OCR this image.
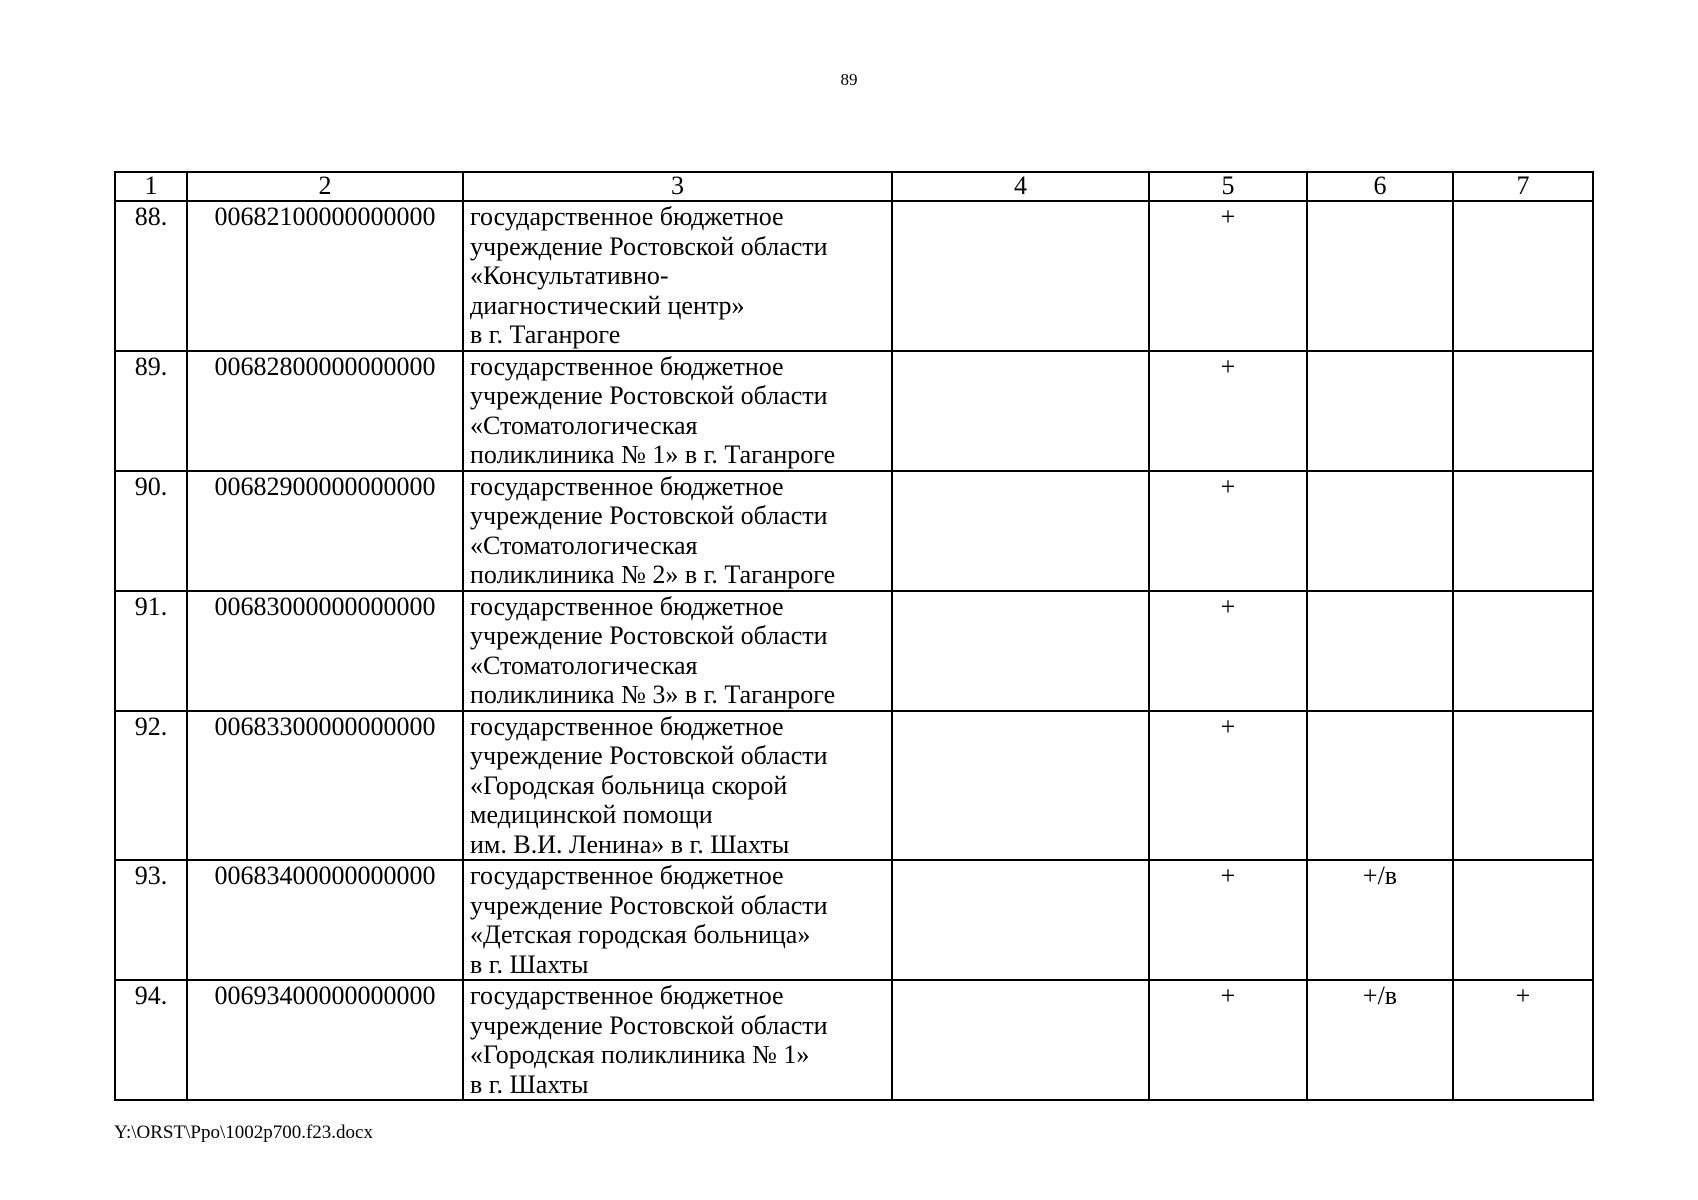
89
1	2	3	4	5	6	7
88.	00682100000000000	государственное бюджетное
учреждение Ростовской области
«Консультативно-
диагностический центр»
в г. Таганроге		+		
89.	00682800000000000	государственное бюджетное
учреждение Ростовской области
«Стоматологическая
поликлиника № 1» в г. Таганроге		+		
90.	00682900000000000	государственное бюджетное
учреждение Ростовской области
«Стоматологическая
поликлиника № 2» в г. Таганроге		+		
91.	00683000000000000	государственное бюджетное
учреждение Ростовской области
«Стоматологическая
поликлиника № 3» в г. Таганроге		+		
92.	00683300000000000	государственное бюджетное
учреждение Ростовской области
«Городская больница скорой
медицинской помощи
им. В.И. Ленина» в г. Шахты		+		
93.	00683400000000000	государственное бюджетное
учреждение Ростовской области
«Детская городская больница»
в г. Шахты		+	+/в	
94.	00693400000000000	государственное бюджетное
учреждение Ростовской области
«Городская поликлиника № 1»
в г. Шахты		+	+/в	+
Y:\ORST\Ppo\1002p700.f23.docx
